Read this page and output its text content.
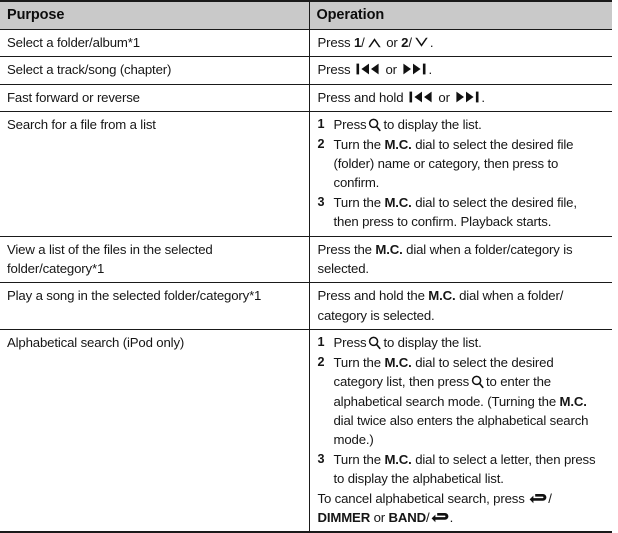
Purpose	Operation
Select a folder/album*1	Press 1/ or 2/ .
Select a track/song (chapter)	Press or .
Fast forward or reverse	Press and hold or .
Search for a file from a list	1 Press to display the list.
2 Turn the M.C. dial to select the desired file (folder) name or category, then press to confirm.
3 Turn the M.C. dial to select the desired file, then press to confirm. Playback starts.

View a list of the files in the selected folder/category*1	Press the M.C. dial when a folder/category is selected.
Play a song in the selected folder/category*1	Press and hold the M.C. dial when a folder/ category is selected.
Alphabetical search (iPod only)	1 Press to display the list.
2 Turn the M.C. dial to select the desired category list, then press to enter the alphabetical search mode. (Turning the M.C. dial twice also enters the alphabetical search mode.)
3 Turn the M.C. dial to select a letter, then press to display the alphabetical list.
To cancel alphabetical search, press / DIMMER or BAND/ .
